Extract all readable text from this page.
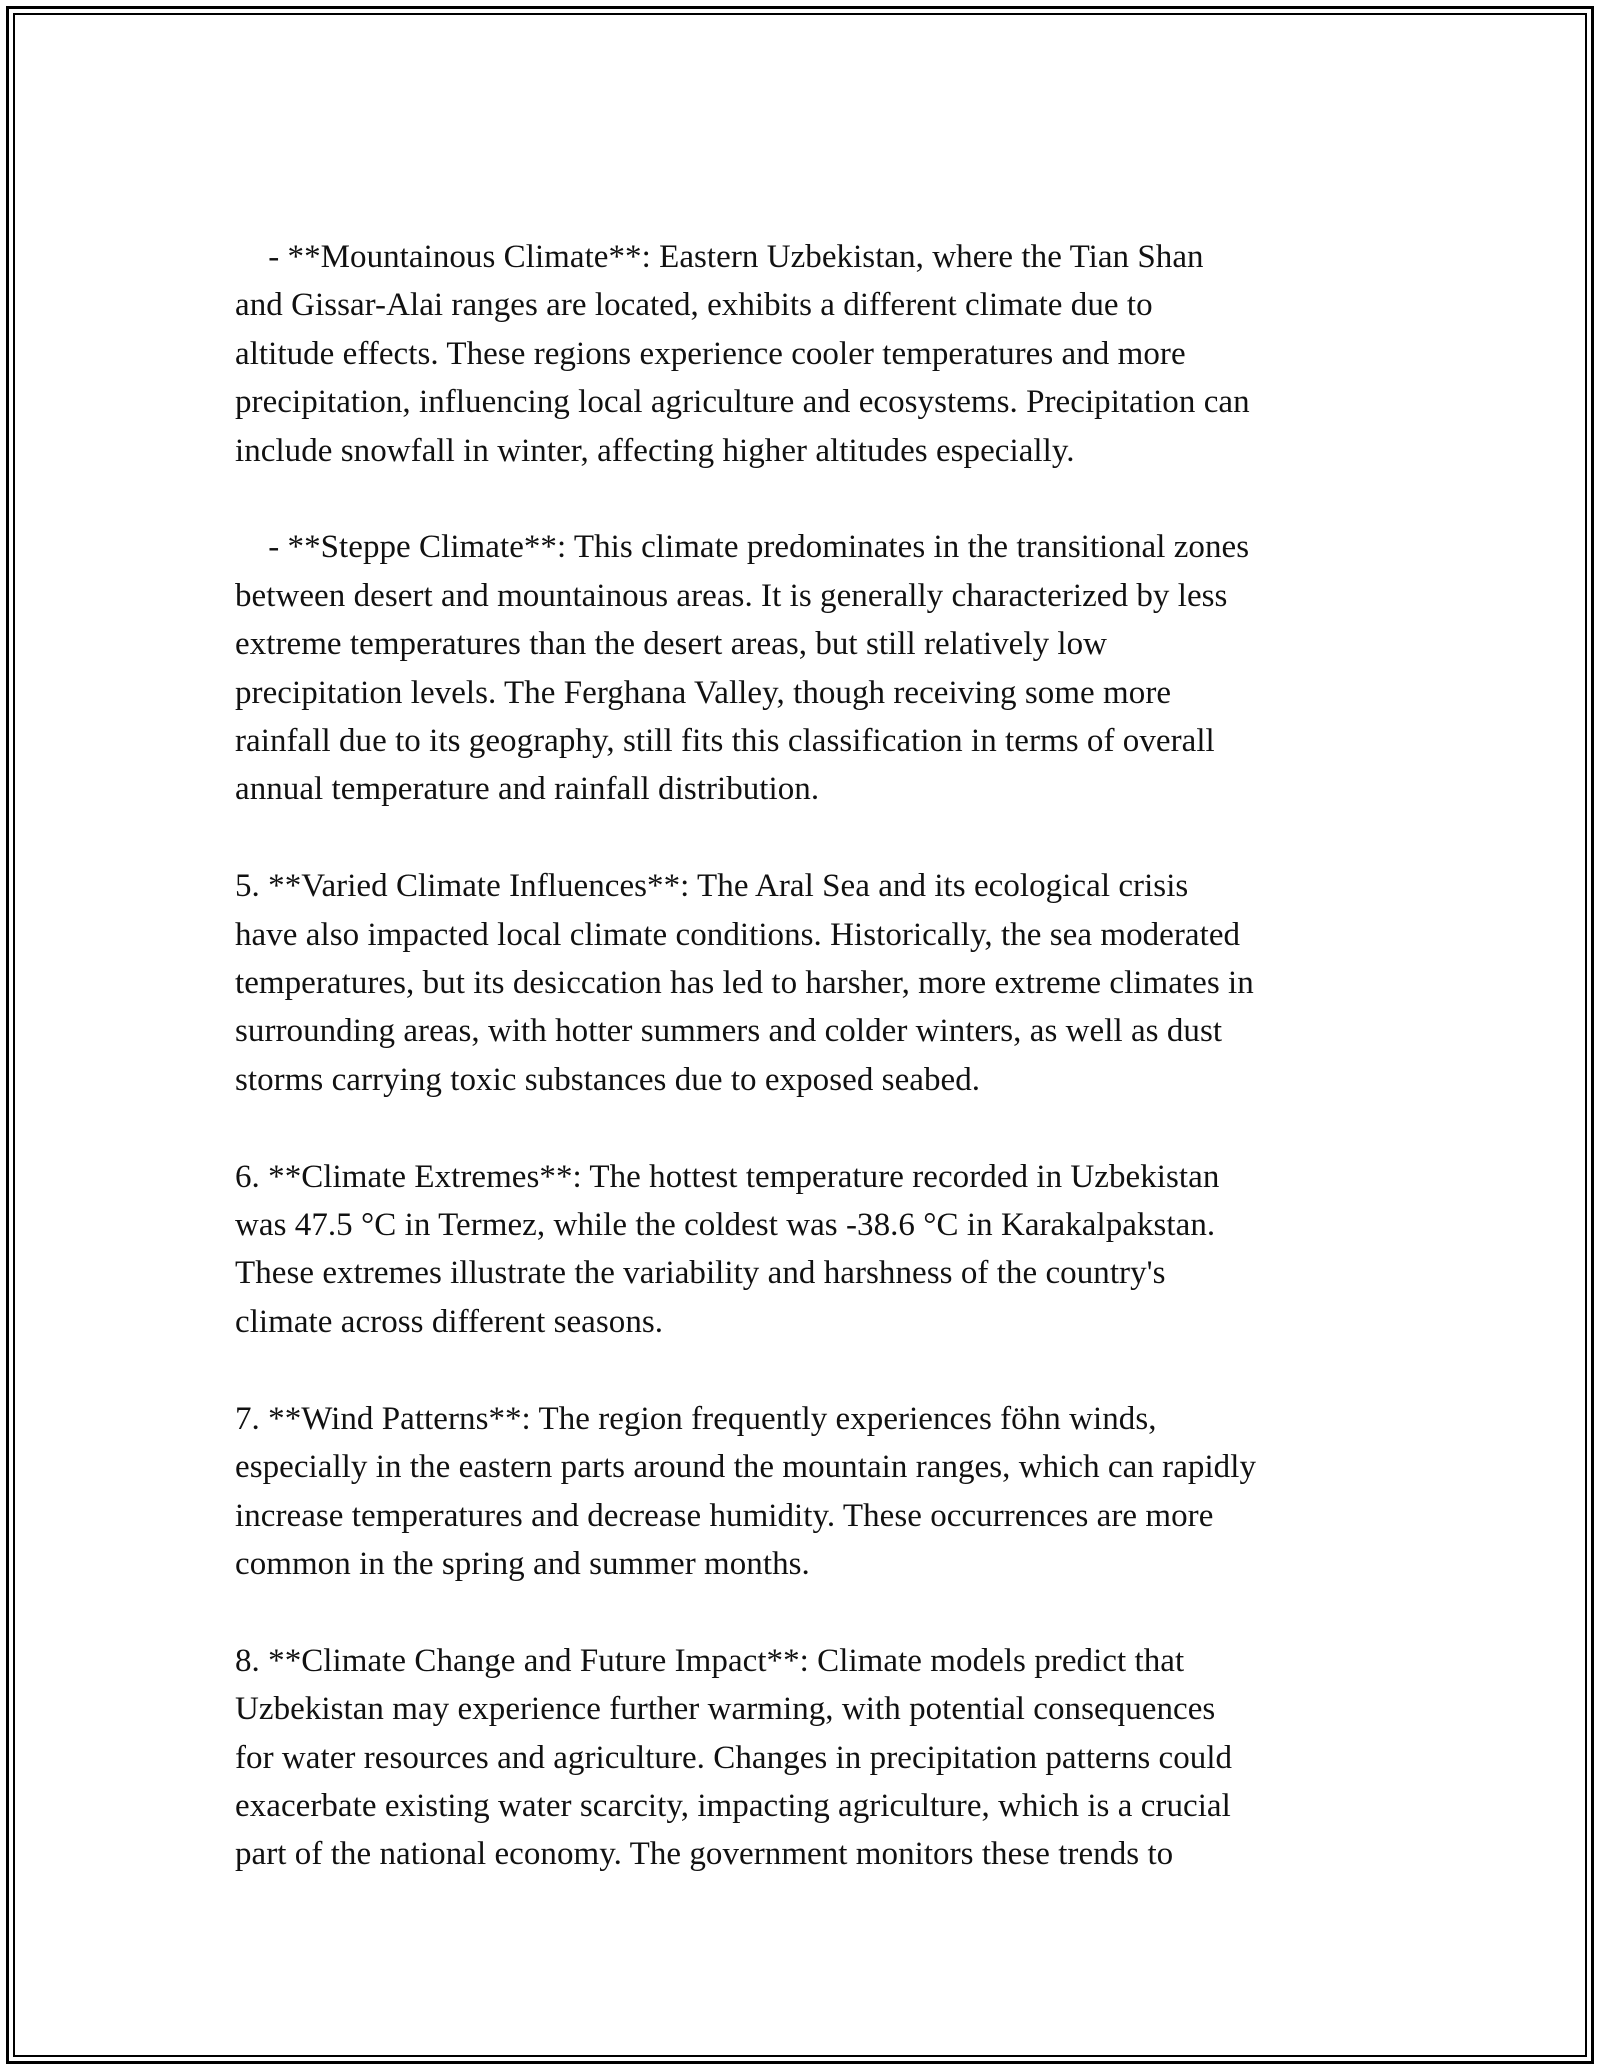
- **Mountainous Climate**: Eastern Uzbekistan, where the Tian Shan
and Gissar-Alai ranges are located, exhibits a different climate due to
altitude effects. These regions experience cooler temperatures and more
precipitation, influencing local agriculture and ecosystems. Precipitation can
include snowfall in winter, affecting higher altitudes especially.

- **Steppe Climate**: This climate predominates in the transitional zones
between desert and mountainous areas. It is generally characterized by less
extreme temperatures than the desert areas, but still relatively low
precipitation levels. The Ferghana Valley, though receiving some more
rainfall due to its geography, still fits this classification in terms of overall
annual temperature and rainfall distribution.

5. **Varied Climate Influences**: The Aral Sea and its ecological crisis
have also impacted local climate conditions. Historically, the sea moderated
temperatures, but its desiccation has led to harsher, more extreme climates in
surrounding areas, with hotter summers and colder winters, as well as dust
storms carrying toxic substances due to exposed seabed.

6. **Climate Extremes**: The hottest temperature recorded in Uzbekistan
was 47.5 °C in Termez, while the coldest was -38.6 °C in Karakalpakstan.
These extremes illustrate the variability and harshness of the country's
climate across different seasons.

7. **Wind Patterns**: The region frequently experiences föhn winds,
especially in the eastern parts around the mountain ranges, which can rapidly
increase temperatures and decrease humidity. These occurrences are more
common in the spring and summer months.

8. **Climate Change and Future Impact**: Climate models predict that
Uzbekistan may experience further warming, with potential consequences
for water resources and agriculture. Changes in precipitation patterns could
exacerbate existing water scarcity, impacting agriculture, which is a crucial
part of the national economy. The government monitors these trends to
